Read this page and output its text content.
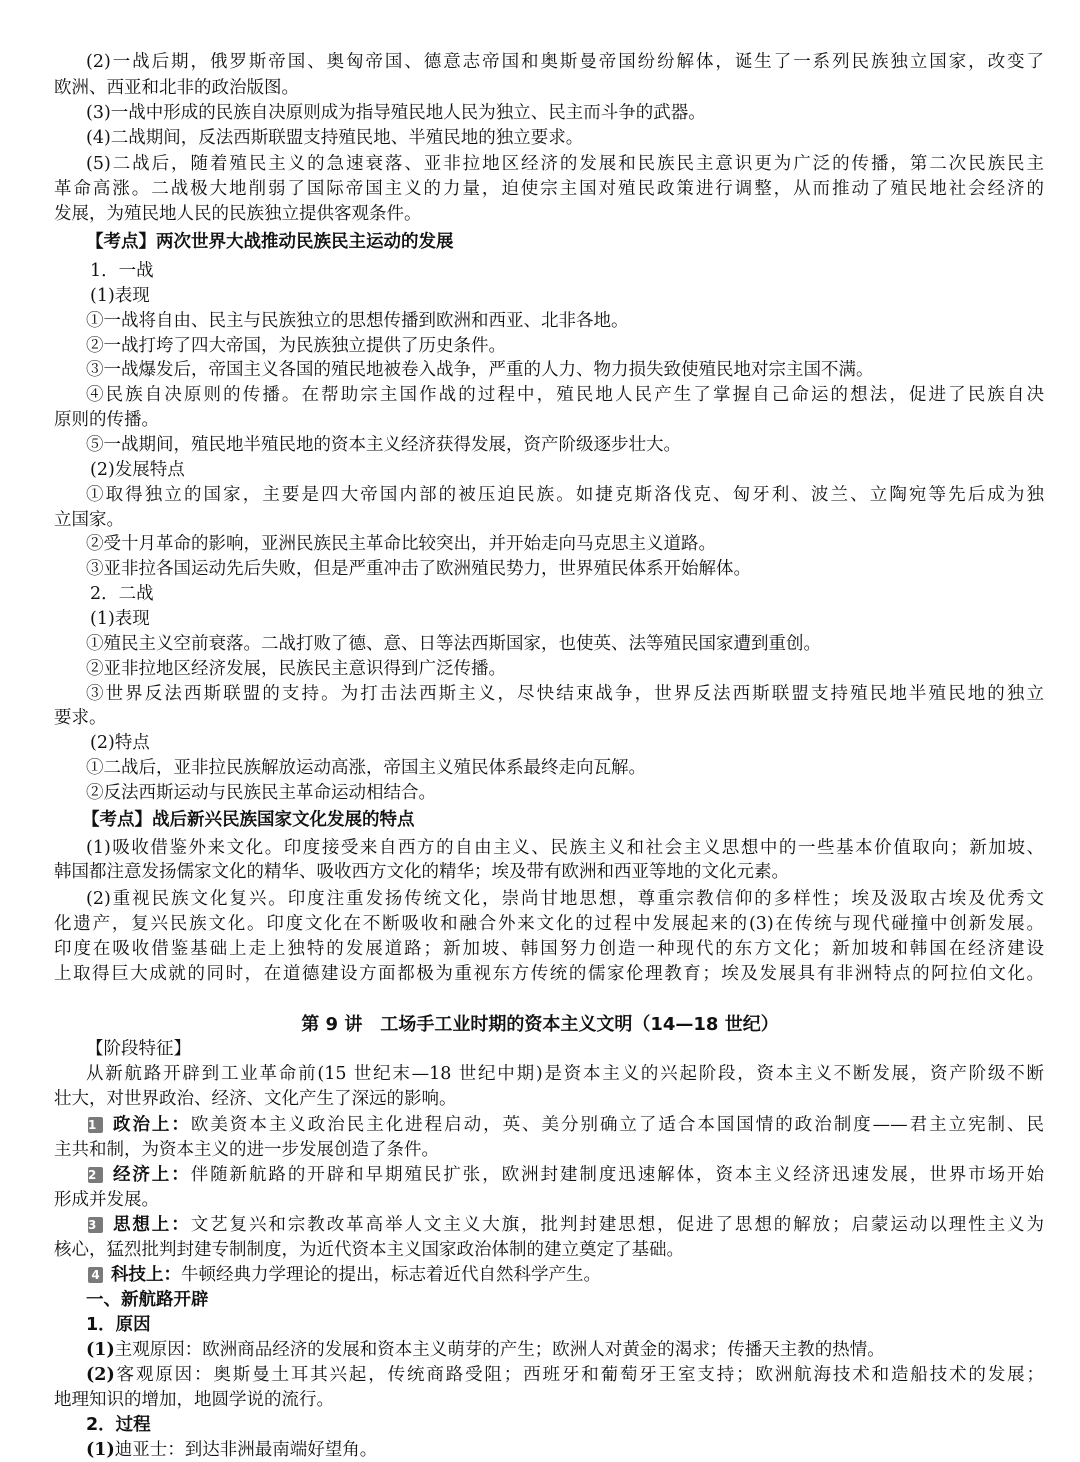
(2)一战后期，俄罗斯帝国、奥匈帝国、德意志帝国和奥斯曼帝国纷纷解体，诞生了一系列民族独立国家，改变了
欧洲、西亚和北非的政治版图。
(3)一战中形成的民族自决原则成为指导殖民地人民为独立、民主而斗争的武器。
(4)二战期间，反法西斯联盟支持殖民地、半殖民地的独立要求。
(5)二战后，随着殖民主义的急速衰落、亚非拉地区经济的发展和民族民主意识更为广泛的传播，第二次民族民主
革命高涨。二战极大地削弱了国际帝国主义的力量，迫使宗主国对殖民政策进行调整，从而推动了殖民地社会经济的
发展，为殖民地人民的民族独立提供客观条件。
【考点】两次世界大战推动民族民主运动的发展
1．一战
(1)表现
①一战将自由、民主与民族独立的思想传播到欧洲和西亚、北非各地。
②一战打垮了四大帝国，为民族独立提供了历史条件。
③一战爆发后，帝国主义各国的殖民地被卷入战争，严重的人力、物力损失致使殖民地对宗主国不满。
④民族自决原则的传播。在帮助宗主国作战的过程中，殖民地人民产生了掌握自己命运的想法，促进了民族自决
原则的传播。
⑤一战期间，殖民地半殖民地的资本主义经济获得发展，资产阶级逐步壮大。
(2)发展特点
①取得独立的国家，主要是四大帝国内部的被压迫民族。如捷克斯洛伐克、匈牙利、波兰、立陶宛等先后成为独
立国家。
②受十月革命的影响，亚洲民族民主革命比较突出，并开始走向马克思主义道路。
③亚非拉各国运动先后失败，但是严重冲击了欧洲殖民势力，世界殖民体系开始解体。
2．二战
(1)表现
①殖民主义空前衰落。二战打败了德、意、日等法西斯国家，也使英、法等殖民国家遭到重创。
②亚非拉地区经济发展，民族民主意识得到广泛传播。
③世界反法西斯联盟的支持。为打击法西斯主义，尽快结束战争，世界反法西斯联盟支持殖民地半殖民地的独立
要求。
(2)特点
①二战后，亚非拉民族解放运动高涨，帝国主义殖民体系最终走向瓦解。
②反法西斯运动与民族民主革命运动相结合。
【考点】战后新兴民族国家文化发展的特点
(1)吸收借鉴外来文化。印度接受来自西方的自由主义、民族主义和社会主义思想中的一些基本价值取向；新加坡、
韩国都注意发扬儒家文化的精华、吸收西方文化的精华；埃及带有欧洲和西亚等地的文化元素。
(2)重视民族文化复兴。印度注重发扬传统文化，崇尚甘地思想，尊重宗教信仰的多样性；埃及汲取古埃及优秀文
化遗产，复兴民族文化。印度文化在不断吸收和融合外来文化的过程中发展起来的(3)在传统与现代碰撞中创新发展。
印度在吸收借鉴基础上走上独特的发展道路；新加坡、韩国努力创造一种现代的东方文化；新加坡和韩国在经济建设
上取得巨大成就的同时，在道德建设方面都极为重视东方传统的儒家伦理教育；埃及发展具有非洲特点的阿拉伯文化。
第 9 讲　工场手工业时期的资本主义文明（14—18 世纪）
【阶段特征】
从新航路开辟到工业革命前(15 世纪末—18 世纪中期)是资本主义的兴起阶段，资本主义不断发展，资产阶级不断
壮大，对世界政治、经济、文化产生了深远的影响。
1 政治上：欧美资本主义政治民主化进程启动，英、美分别确立了适合本国国情的政治制度——君主立宪制、民
主共和制，为资本主义的进一步发展创造了条件。
2 经济上：伴随新航路的开辟和早期殖民扩张，欧洲封建制度迅速解体，资本主义经济迅速发展，世界市场开始
形成并发展。
3 思想上：文艺复兴和宗教改革高举人文主义大旗，批判封建思想，促进了思想的解放；启蒙运动以理性主义为
核心，猛烈批判封建专制制度，为近代资本主义国家政治体制的建立奠定了基础。
4 科技上：牛顿经典力学理论的提出，标志着近代自然科学产生。
一、新航路开辟
1．原因
(1)主观原因：欧洲商品经济的发展和资本主义萌芽的产生；欧洲人对黄金的渴求；传播天主教的热情。
(2)客观原因：奥斯曼土耳其兴起，传统商路受阻；西班牙和葡萄牙王室支持；欧洲航海技术和造船技术的发展；
地理知识的增加，地圆学说的流行。
2．过程
(1)迪亚士：到达非洲最南端好望角。
